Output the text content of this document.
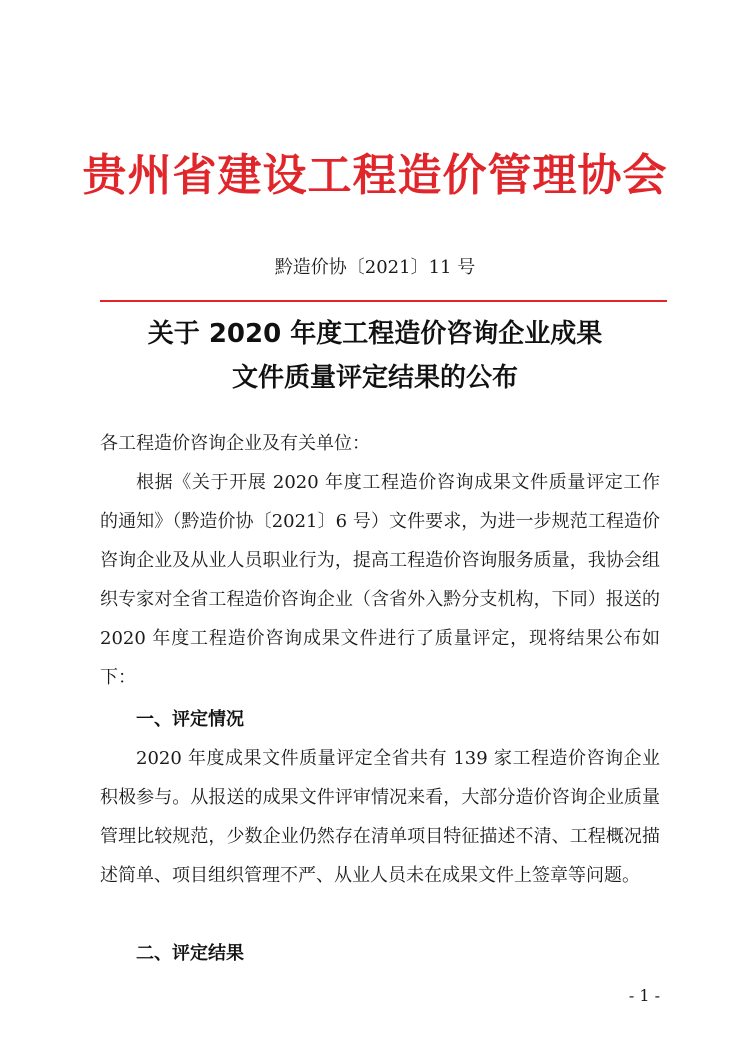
贵州省建设工程造价管理协会
黔造价协〔2021〕11 号
关于 2020 年度工程造价咨询企业成果
文件质量评定结果的公布

各工程造价咨询企业及有关单位：

根据《关于开展 2020 年度工程造价咨询成果文件质量评定工作的通知》（黔造价协〔2021〕6 号）文件要求，为进一步规范工程造价咨询企业及从业人员职业行为，提高工程造价咨询服务质量，我协会组织专家对全省工程造价咨询企业（含省外入黔分支机构，下同）报送的 2020 年度工程造价咨询成果文件进行了质量评定，现将结果公布如下：

一、评定情况

2020 年度成果文件质量评定全省共有 139 家工程造价咨询企业积极参与。从报送的成果文件评审情况来看，大部分造价咨询企业质量管理比较规范，少数企业仍然存在清单项目特征描述不清、工程概况描述简单、项目组织管理不严、从业人员未在成果文件上签章等问题。

二、评定结果
- 1 -
